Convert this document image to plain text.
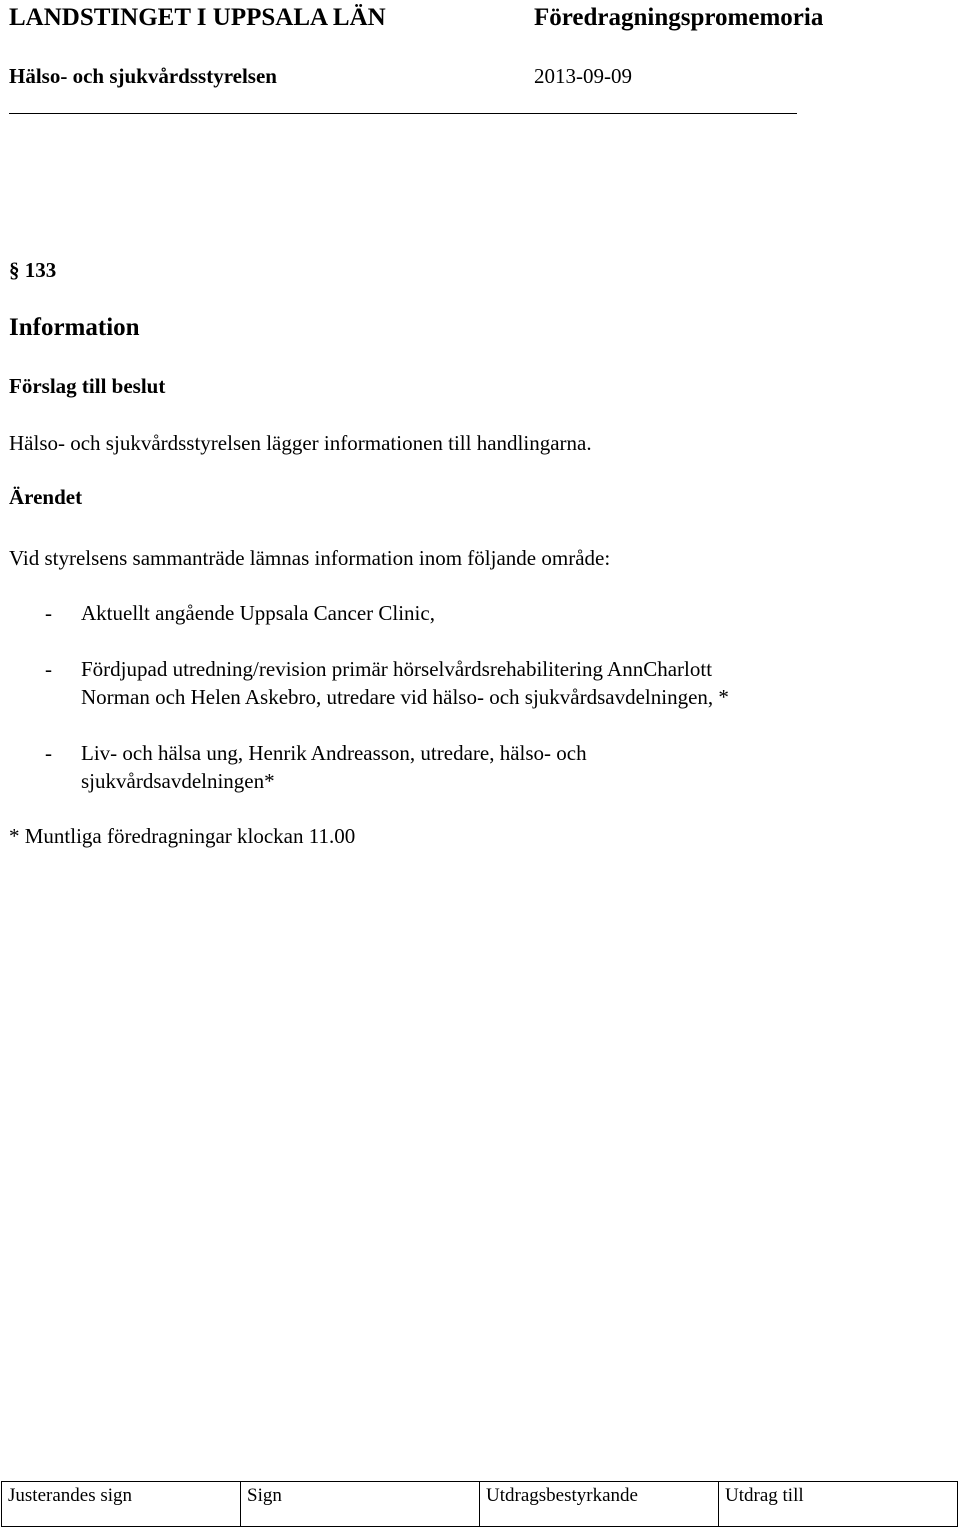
LANDSTINGET I UPPSALA LÄN	Föredragningspromemoria
Hälso- och sjukvårdsstyrelsen	2013-09-09
§ 133
Information
Förslag till beslut
Hälso- och sjukvårdsstyrelsen lägger informationen till handlingarna.
Ärendet
Vid styrelsens sammanträde lämnas information inom följande område:
- Aktuellt angående Uppsala Cancer Clinic,
- Fördjupad utredning/revision primär hörselvårdsrehabilitering AnnCharlott
Norman och Helen Askebro, utredare vid hälso- och sjukvårdsavdelningen, *
- Liv- och hälsa ung, Henrik Andreasson, utredare, hälso- och
sjukvårdsavdelningen*
* Muntliga föredragningar klockan 11.00
Justerandes sign	Sign	Utdragsbestyrkande	Utdrag till
